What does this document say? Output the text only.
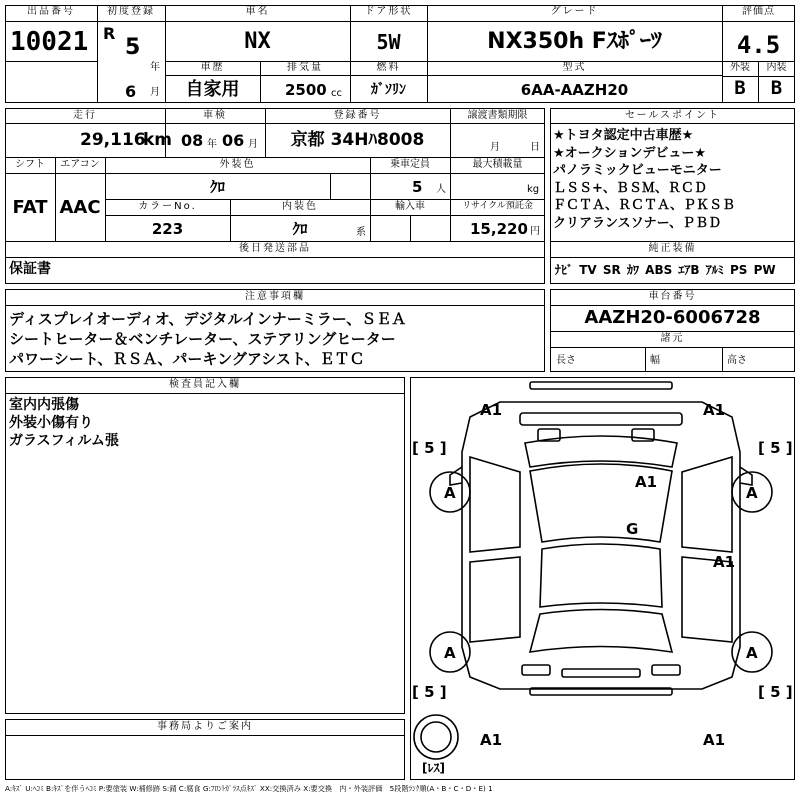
出品番号
10021
初度登録
R
5
年
6 月
車名
NX
ドア形状
5W
グレード
NX350h Fｽﾎﾟｰﾂ
評価点
4.5
車歴
自家用
排気量
2500 cc
燃料
ｶﾞｿﾘﾝ
型式
6AA-AAZH20
外装
B
内装
B
走行
29,116
km
車検
08 年 06 月
登録番号
京都 34Hﾊ8008
譲渡書類期限
月	日
シフト
FAT
エアコン
AAC
外装色
ｸﾛ
乗車定員
5 人
最大積載量
kg
カラーNo.
223
内装色
ｸﾛ	系
輸入車	リサイクル預託金
15,220 円
後日発送部品
保証書
セールスポイント
★トヨタ認定中古車歴★
★オークションデビュー★
パノラミックビューモニター
ＬＳＳ+、ＢＳＭ、ＲＣＤ
ＦＣＴＡ、ＲＣＴＡ、ＰＫＳＢ
クリアランスソナー、ＰＢＤ
純正装備
ﾅﾋﾞ TV SR ｶﾜ ABS ｴｱB ｱﾙﾐ PS PW
注意事項欄
ディスプレイオーディオ、デジタルインナーミラー、ＳＥＡ
シートヒーター＆ベンチレーター、ステアリングヒーター
パワーシート、ＲＳＡ、パーキングアシスト、ＥＴＣ
車台番号
AAZH20-6006728
諸元
長さ	幅	高さ
検査員記入欄
室内内張傷
外装小傷有り
ガラスフィルム張
事務局よりご案内
A1	A1
A1
G
A1
A1	A1
A	A
A	A
[ 5 ]	[ 5 ]
[ 5 ]	[ 5 ]
[ﾚｽ]
A:ｷｽﾞ U:ﾍｺﾐ B:ｷｽﾞを伴うﾍｺﾐ P:要塗装 W:補修跡 S:錆 C:腐食 G:ﾌﾛﾝﾄｶﾞﾗｽ点ｷｽﾞ XX:交換済み X:要交換　内・外装評価　5段階ﾗﾝｸ順(A・B・C・D・E) 1
